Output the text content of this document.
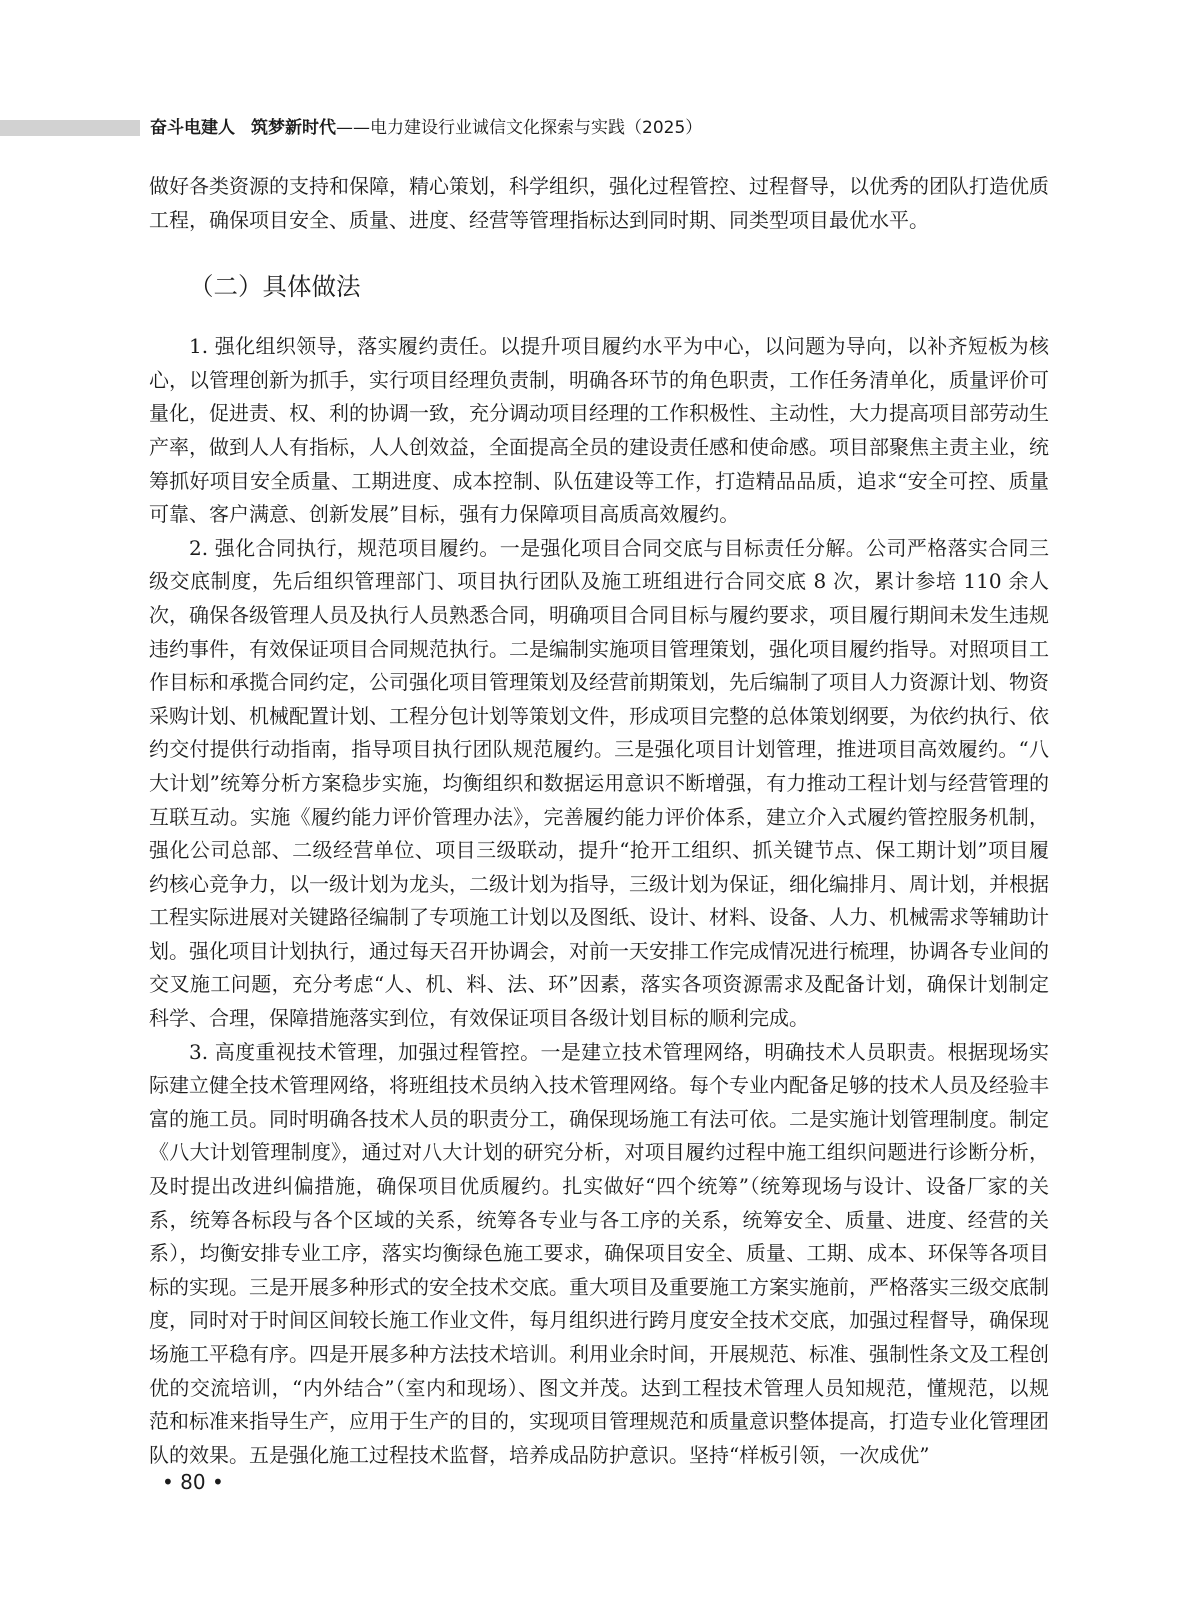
奋斗电建人 筑梦新时代——电力建设行业诚信文化探索与实践（2025）

做好各类资源的支持和保障，精心策划，科学组织，强化过程管控、过程督导，以优秀的团队打造优质工程，确保项目安全、质量、进度、经营等管理指标达到同时期、同类型项目最优水平。

（二）具体做法

1. 强化组织领导，落实履约责任。以提升项目履约水平为中心，以问题为导向，以补齐短板为核心，以管理创新为抓手，实行项目经理负责制，明确各环节的角色职责，工作任务清单化，质量评价可量化，促进责、权、利的协调一致，充分调动项目经理的工作积极性、主动性，大力提高项目部劳动生产率，做到人人有指标，人人创效益，全面提高全员的建设责任感和使命感。项目部聚焦主责主业，统筹抓好项目安全质量、工期进度、成本控制、队伍建设等工作，打造精品品质，追求“安全可控、质量可靠、客户满意、创新发展”目标，强有力保障项目高质高效履约。

2. 强化合同执行，规范项目履约。一是强化项目合同交底与目标责任分解。公司严格落实合同三级交底制度，先后组织管理部门、项目执行团队及施工班组进行合同交底 8 次，累计参培 110 余人次，确保各级管理人员及执行人员熟悉合同，明确项目合同目标与履约要求，项目履行期间未发生违规违约事件，有效保证项目合同规范执行。二是编制实施项目管理策划，强化项目履约指导。对照项目工作目标和承揽合同约定，公司强化项目管理策划及经营前期策划，先后编制了项目人力资源计划、物资采购计划、机械配置计划、工程分包计划等策划文件，形成项目完整的总体策划纲要，为依约执行、依约交付提供行动指南，指导项目执行团队规范履约。三是强化项目计划管理，推进项目高效履约。“八大计划”统筹分析方案稳步实施，均衡组织和数据运用意识不断增强，有力推动工程计划与经营管理的互联互动。实施《履约能力评价管理办法》，完善履约能力评价体系，建立介入式履约管控服务机制，强化公司总部、二级经营单位、项目三级联动，提升“抢开工组织、抓关键节点、保工期计划”项目履约核心竞争力，以一级计划为龙头，二级计划为指导，三级计划为保证，细化编排月、周计划，并根据工程实际进展对关键路径编制了专项施工计划以及图纸、设计、材料、设备、人力、机械需求等辅助计划。强化项目计划执行，通过每天召开协调会，对前一天安排工作完成情况进行梳理，协调各专业间的交叉施工问题，充分考虑“人、机、料、法、环”因素，落实各项资源需求及配备计划，确保计划制定科学、合理，保障措施落实到位，有效保证项目各级计划目标的顺利完成。

3. 高度重视技术管理，加强过程管控。一是建立技术管理网络，明确技术人员职责。根据现场实际建立健全技术管理网络，将班组技术员纳入技术管理网络。每个专业内配备足够的技术人员及经验丰富的施工员。同时明确各技术人员的职责分工，确保现场施工有法可依。二是实施计划管理制度。制定《八大计划管理制度》，通过对八大计划的研究分析，对项目履约过程中施工组织问题进行诊断分析，及时提出改进纠偏措施，确保项目优质履约。扎实做好“四个统筹”（统筹现场与设计、设备厂家的关系，统筹各标段与各个区域的关系，统筹各专业与各工序的关系，统筹安全、质量、进度、经营的关系），均衡安排专业工序，落实均衡绿色施工要求，确保项目安全、质量、工期、成本、环保等各项目标的实现。三是开展多种形式的安全技术交底。重大项目及重要施工方案实施前，严格落实三级交底制度，同时对于时间区间较长施工作业文件，每月组织进行跨月度安全技术交底，加强过程督导，确保现场施工平稳有序。四是开展多种方法技术培训。利用业余时间，开展规范、标准、强制性条文及工程创优的交流培训，“内外结合”（室内和现场）、图文并茂。达到工程技术管理人员知规范，懂规范，以规范和标准来指导生产，应用于生产的目的，实现项目管理规范和质量意识整体提高，打造专业化管理团队的效果。五是强化施工过程技术监督，培养成品防护意识。坚持“样板引领，一次成优”

• 80 •
